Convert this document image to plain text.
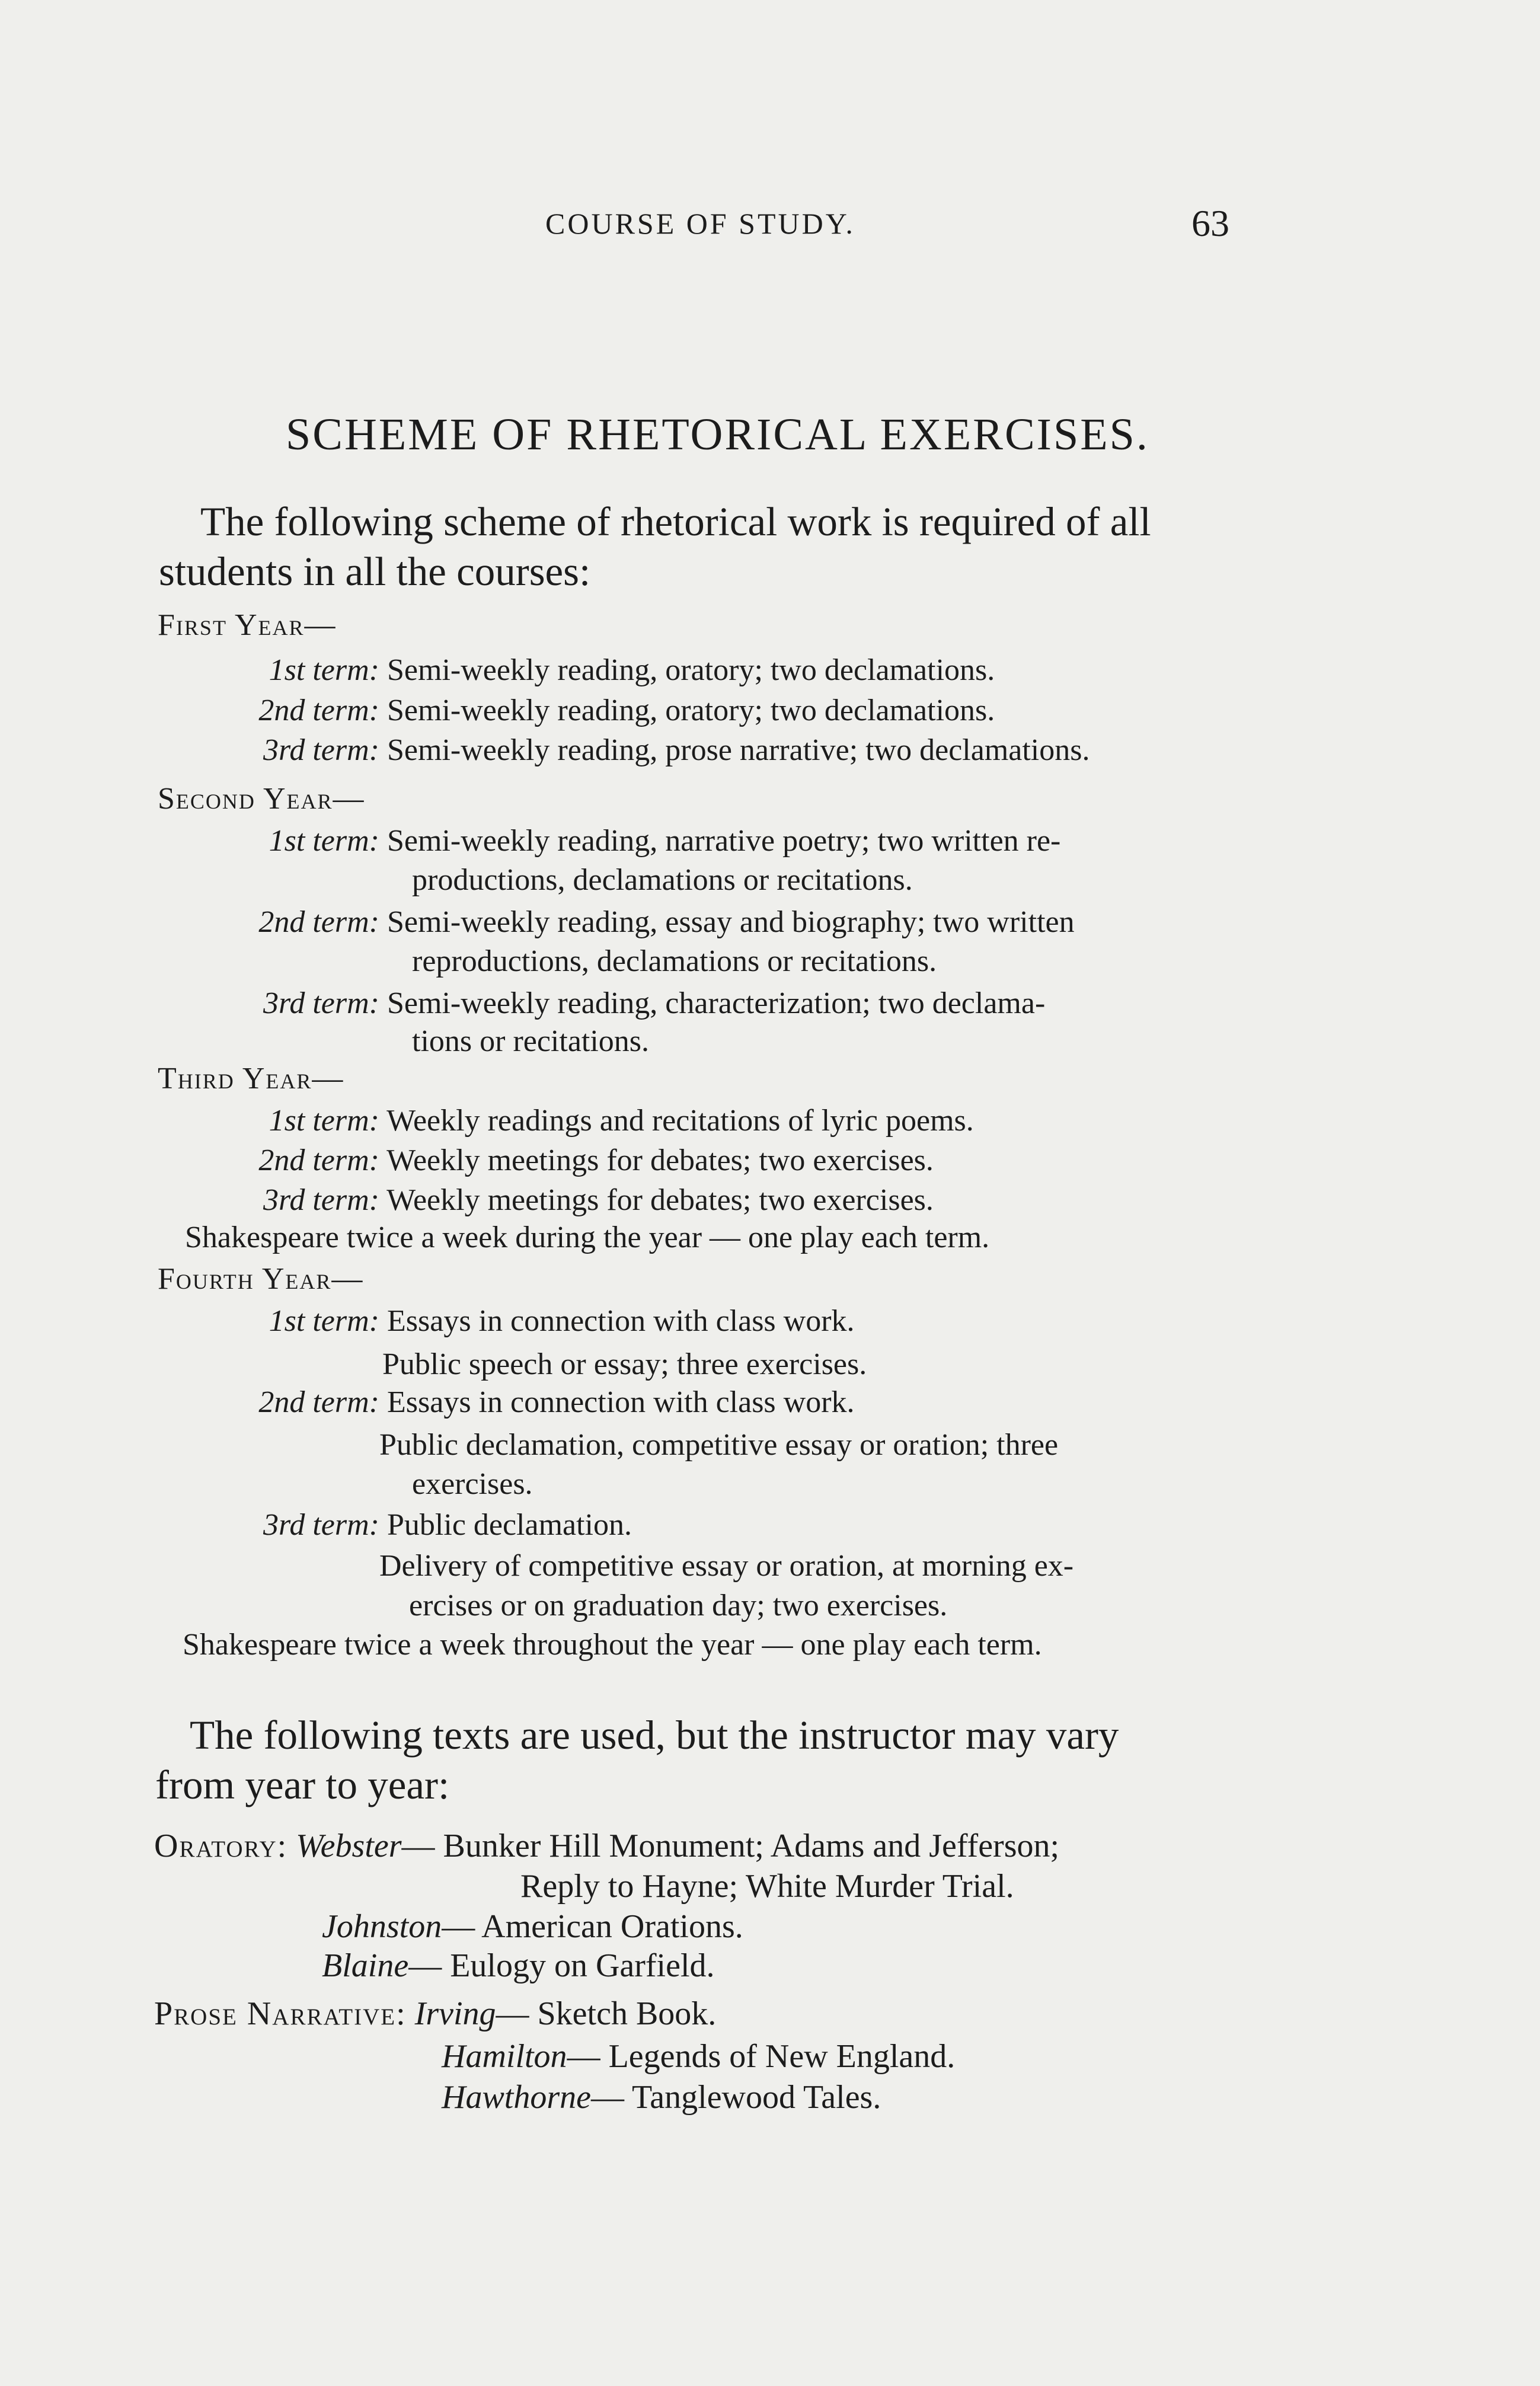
COURSE OF STUDY.	63
SCHEME OF RHETORICAL EXERCISES.
The following scheme of rhetorical work is required of all
students in all the courses:
First Year—
1st term: Semi-weekly reading, oratory; two declamations.
2nd term: Semi-weekly reading, oratory; two declamations.
3rd term: Semi-weekly reading, prose narrative; two declamations.
Second Year—
1st term: Semi-weekly reading, narrative poetry; two written re-
productions, declamations or recitations.
2nd term: Semi-weekly reading, essay and biography; two written
reproductions, declamations or recitations.
3rd term: Semi-weekly reading, characterization; two declama-
tions or recitations.
Third Year—
1st term: Weekly readings and recitations of lyric poems.
2nd term: Weekly meetings for debates; two exercises.
3rd term: Weekly meetings for debates; two exercises.
Shakespeare twice a week during the year — one play each term.
Fourth Year—
1st term: Essays in connection with class work.
Public speech or essay; three exercises.
2nd term: Essays in connection with class work.
Public declamation, competitive essay or oration; three
exercises.
3rd term: Public declamation.
Delivery of competitive essay or oration, at morning ex-
ercises or on graduation day; two exercises.
Shakespeare twice a week throughout the year — one play each term.
The following texts are used, but the instructor may vary
from year to year:
Oratory: Webster— Bunker Hill Monument; Adams and Jefferson;
Reply to Hayne; White Murder Trial.
Johnston— American Orations.
Blaine— Eulogy on Garfield.
Prose Narrative: Irving— Sketch Book.
Hamilton— Legends of New England.
Hawthorne— Tanglewood Tales.
